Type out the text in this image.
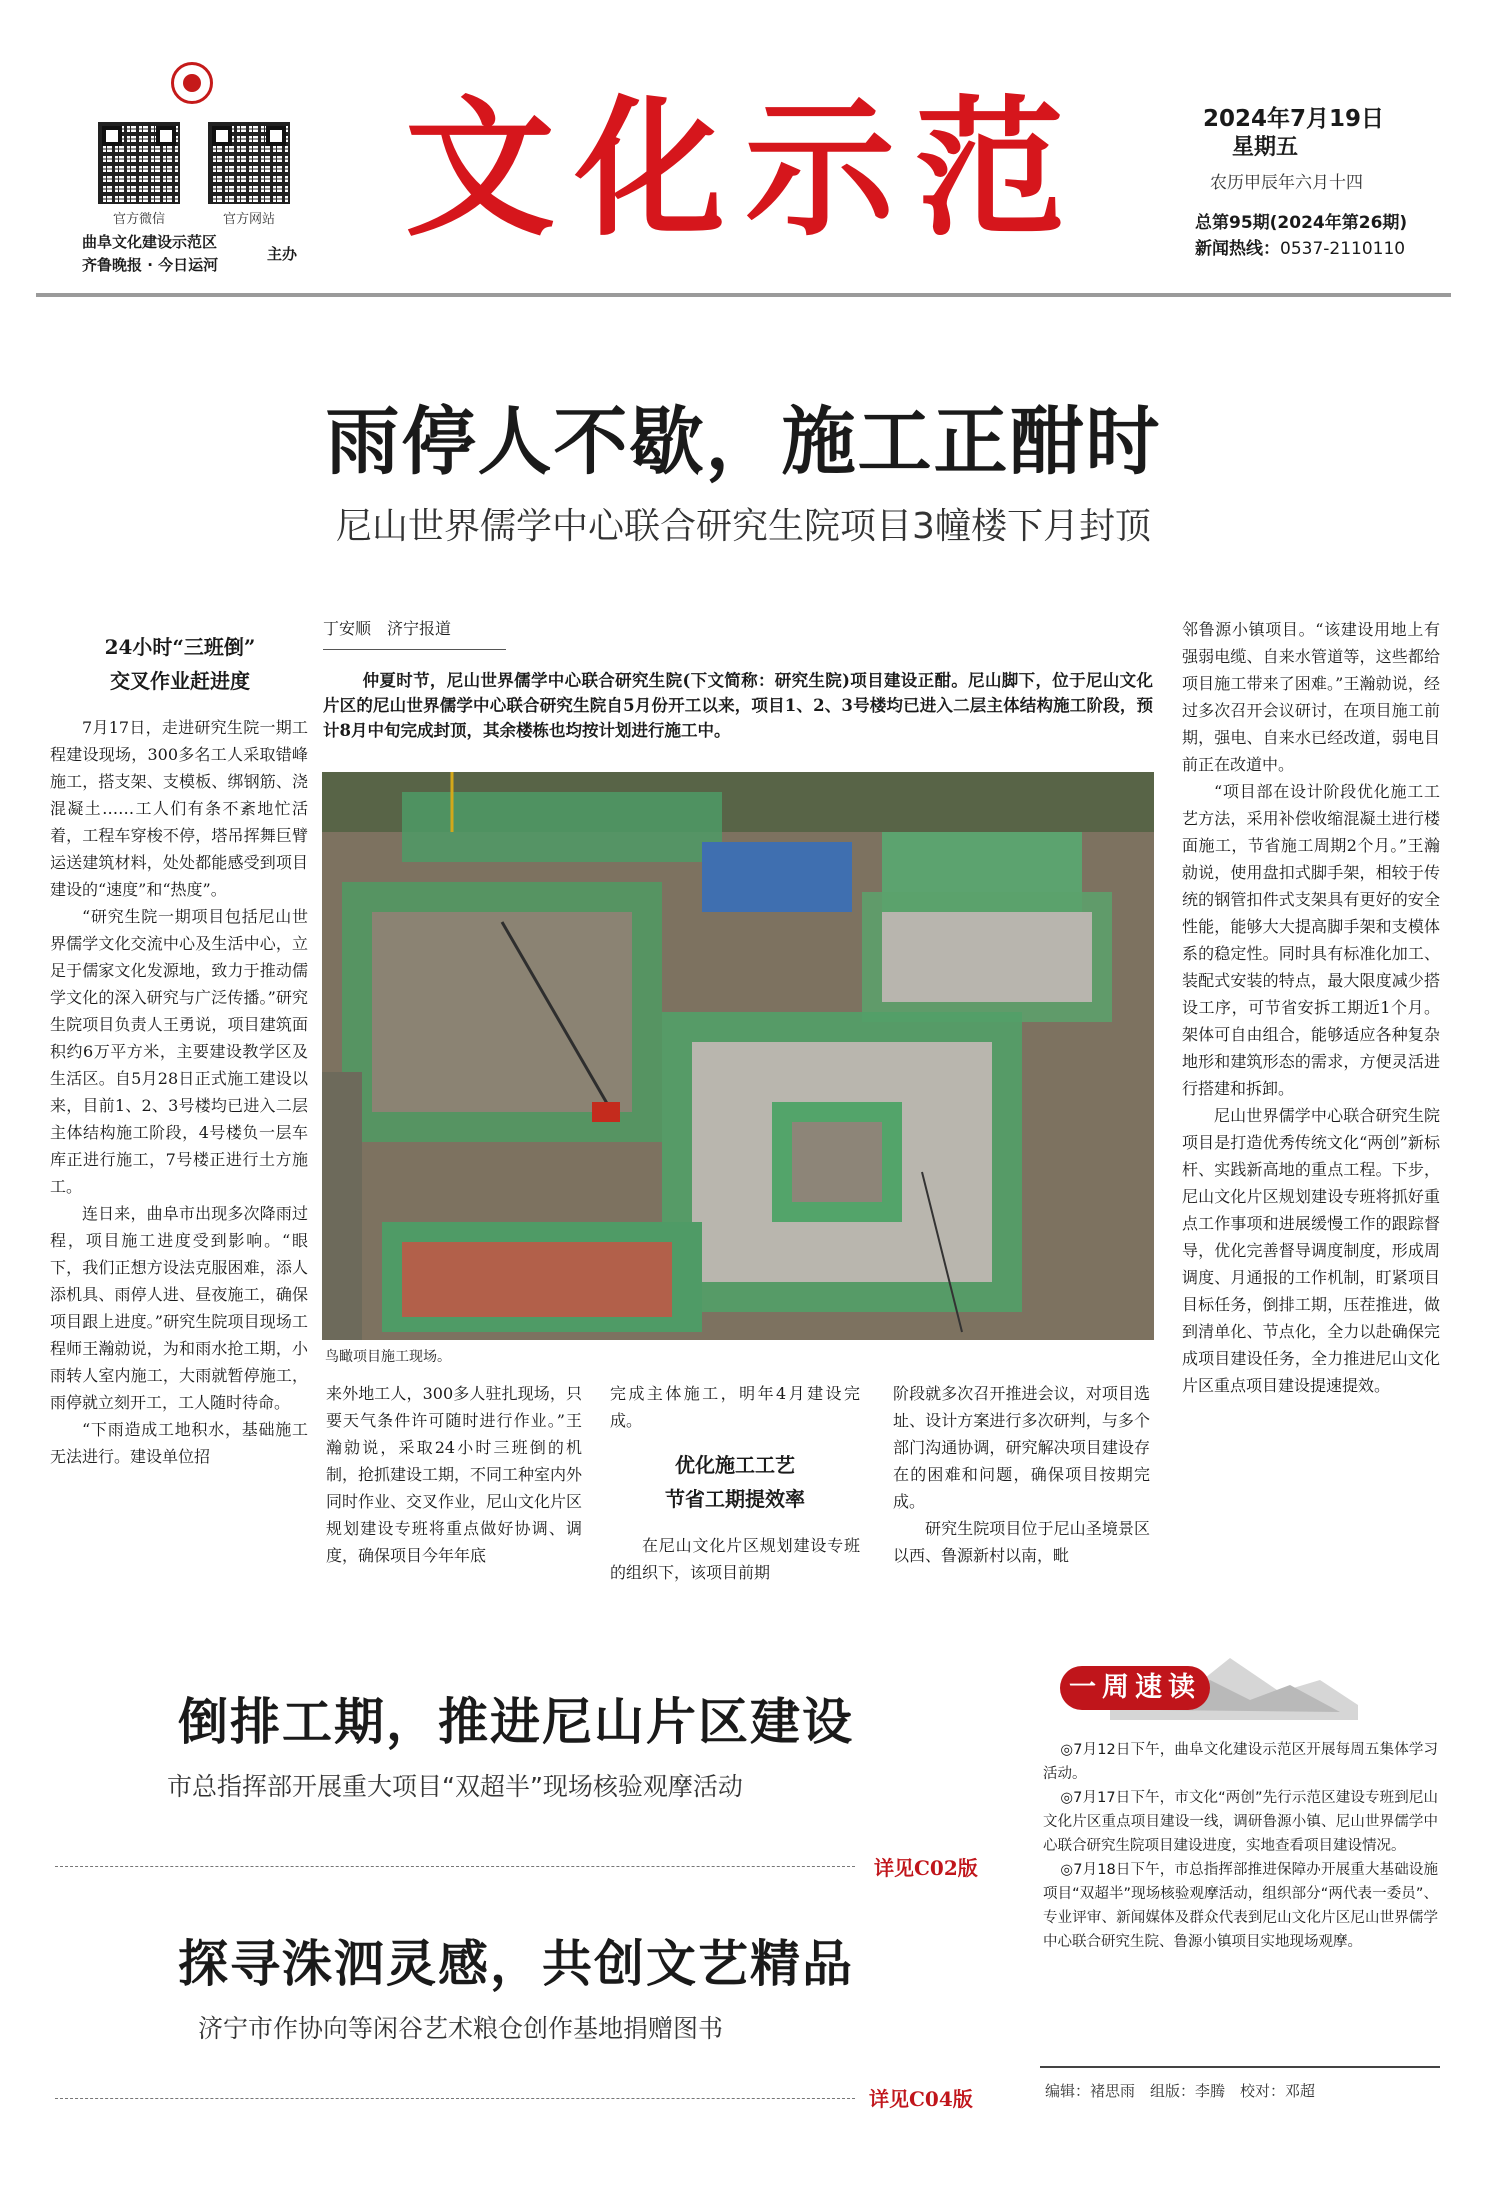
官方微信	官方网站
曲阜文化建设示范区
齐鲁晚报 · 今日运河
主办 文化示范	2024年7月19日
星期五
农历甲辰年六月十四
总第95期(2024年第26期)
新闻热线：0537-2110110
雨停人不歇，施工正酣时
尼山世界儒学中心联合研究生院项目3幢楼下月封顶
丁安顺　济宁报道
仲夏时节，尼山世界儒学中心联合研究生院(下文简称：研究生院)项目建设正酣。尼山脚下，位于尼山文化片区的尼山世界儒学中心联合研究生院自5月份开工以来，项目1、2、3号楼均已进入二层主体结构施工阶段，预计8月中旬完成封顶，其余楼栋也均按计划进行施工中。
24小时“三班倒”
交叉作业赶进度

7月17日，走进研究生院一期工程建设现场，300多名工人采取错峰施工，搭支架、支模板、绑钢筋、浇混凝土……工人们有条不紊地忙活着，工程车穿梭不停，塔吊挥舞巨臂运送建筑材料，处处都能感受到项目建设的“速度”和“热度”。

“研究生院一期项目包括尼山世界儒学文化交流中心及生活中心，立足于儒家文化发源地，致力于推动儒学文化的深入研究与广泛传播。”研究生院项目负责人王勇说，项目建筑面积约6万平方米，主要建设教学区及生活区。自5月28日正式施工建设以来，目前1、2、3号楼均已进入二层主体结构施工阶段，4号楼负一层车库正进行施工，7号楼正进行土方施工。

连日来，曲阜市出现多次降雨过程，项目施工进度受到影响。“眼下，我们正想方设法克服困难，添人添机具、雨停人进、昼夜施工，确保项目跟上进度。”研究生院项目现场工程师王瀚勍说，为和雨水抢工期，小雨转人室内施工，大雨就暂停施工，雨停就立刻开工，工人随时待命。

“下雨造成工地积水，基础施工无法进行。建设单位招

鸟瞰项目施工现场。

来外地工人，300多人驻扎现场，只要天气条件许可随时进行作业。”王瀚勍说，采取24小时三班倒的机制，抢抓建设工期，不同工种室内外同时作业、交叉作业，尼山文化片区规划建设专班将重点做好协调、调度，确保项目今年年底

完成主体施工，明年4月建设完成。

优化施工工艺
节省工期提效率

在尼山文化片区规划建设专班的组织下，该项目前期

阶段就多次召开推进会议，对项目选址、设计方案进行多次研判，与多个部门沟通协调，研究解决项目建设存在的困难和问题，确保项目按期完成。

研究生院项目位于尼山圣境景区以西、鲁源新村以南，毗

邻鲁源小镇项目。“该建设用地上有强弱电缆、自来水管道等，这些都给项目施工带来了困难。”王瀚勍说，经过多次召开会议研讨，在项目施工前期，强电、自来水已经改道，弱电目前正在改道中。

“项目部在设计阶段优化施工工艺方法，采用补偿收缩混凝土进行楼面施工，节省施工周期2个月。”王瀚勍说，使用盘扣式脚手架，相较于传统的钢管扣件式支架具有更好的安全性能，能够大大提高脚手架和支模体系的稳定性。同时具有标准化加工、装配式安装的特点，最大限度减少搭设工序，可节省安拆工期近1个月。架体可自由组合，能够适应各种复杂地形和建筑形态的需求，方便灵活进行搭建和拆卸。

尼山世界儒学中心联合研究生院项目是打造优秀传统文化“两创”新标杆、实践新高地的重点工程。下步，尼山文化片区规划建设专班将抓好重点工作事项和进展缓慢工作的跟踪督导，优化完善督导调度制度，形成周调度、月通报的工作机制，盯紧项目目标任务，倒排工期，压茬推进，做到清单化、节点化，全力以赴确保完成项目建设任务，全力推进尼山文化片区重点项目建设提速提效。

倒排工期，推进尼山片区建设
市总指挥部开展重大项目“双超半”现场核验观摩活动
详见C02版
探寻洙泗灵感，共创文艺精品
济宁市作协向等闲谷艺术粮仓创作基地捐赠图书
详见C04版
一周速读

◎7月12日下午，曲阜文化建设示范区开展每周五集体学习活动。

◎7月17日下午，市文化“两创”先行示范区建设专班到尼山文化片区重点项目建设一线，调研鲁源小镇、尼山世界儒学中心联合研究生院项目建设进度，实地查看项目建设情况。

◎7月18日下午，市总指挥部推进保障办开展重大基础设施项目“双超半”现场核验观摩活动，组织部分“两代表一委员”、专业评审、新闻媒体及群众代表到尼山文化片区尼山世界儒学中心联合研究生院、鲁源小镇项目实地现场观摩。

编辑：褚思雨　组版：李腾　校对：邓超
